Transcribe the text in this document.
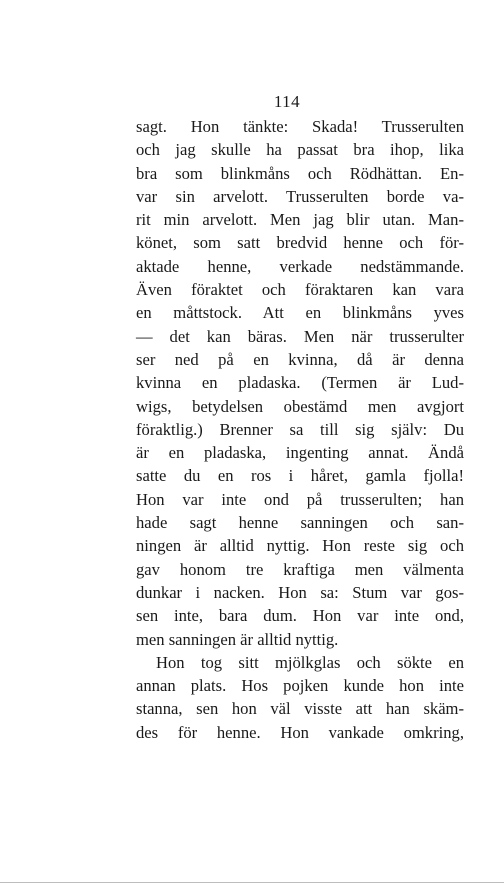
114
sagt. Hon tänkte: Skada! Trusserulten
och jag skulle ha passat bra ihop, lika
bra som blinkmåns och Rödhättan. En-
var sin arvelott. Trusserulten borde va-
rit min arvelott. Men jag blir utan. Man-
könet, som satt bredvid henne och för-
aktade henne, verkade nedstämmande.
Även föraktet och föraktaren kan vara
en måttstock. Att en blinkmåns yves
— det kan bäras. Men när trusserulter
ser ned på en kvinna, då är denna
kvinna en pladaska. (Termen är Lud-
wigs, betydelsen obestämd men avgjort
föraktlig.) Brenner sa till sig själv: Du
är en pladaska, ingenting annat. Ändå
satte du en ros i håret, gamla fjolla!
Hon var inte ond på trusserulten; han
hade sagt henne sanningen och san-
ningen är alltid nyttig. Hon reste sig och
gav honom tre kraftiga men välmenta
dunkar i nacken. Hon sa: Stum var gos-
sen inte, bara dum. Hon var inte ond,
men sanningen är alltid nyttig.
Hon tog sitt mjölkglas och sökte en
annan plats. Hos pojken kunde hon inte
stanna, sen hon väl visste att han skäm-
des för henne. Hon vankade omkring,
